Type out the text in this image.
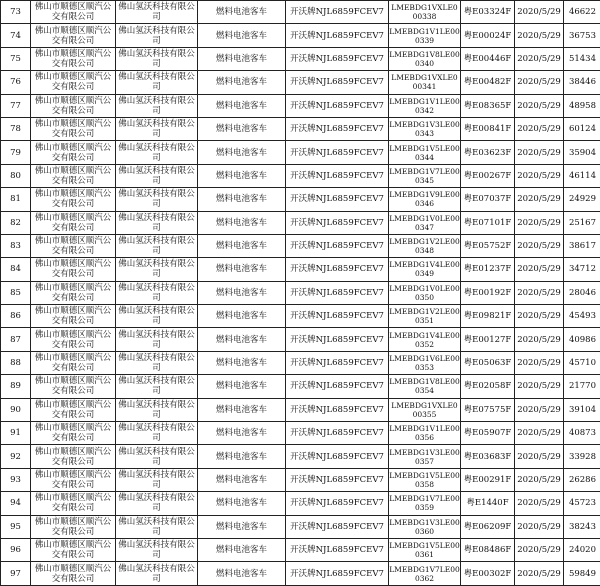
73	佛山市顺德区顺汽公交有限公司	佛山氢沃科技有限公司	燃料电池客车	开沃牌NJL6859FCEV7	LMEBDG1VXLE000338	粤E03324F	2020/5/29	46622
74	佛山市顺德区顺汽公交有限公司	佛山氢沃科技有限公司	燃料电池客车	开沃牌NJL6859FCEV7	LMEBDG1V1LE000339	粤E00024F	2020/5/29	36753
75	佛山市顺德区顺汽公交有限公司	佛山氢沃科技有限公司	燃料电池客车	开沃牌NJL6859FCEV7	LMEBDG1V8LE000340	粤E00446F	2020/5/29	51434
76	佛山市顺德区顺汽公交有限公司	佛山氢沃科技有限公司	燃料电池客车	开沃牌NJL6859FCEV7	LMEBDG1VXLE000341	粤E00482F	2020/5/29	38446
77	佛山市顺德区顺汽公交有限公司	佛山氢沃科技有限公司	燃料电池客车	开沃牌NJL6859FCEV7	LMEBDG1V1LE000342	粤E08365F	2020/5/29	48958
78	佛山市顺德区顺汽公交有限公司	佛山氢沃科技有限公司	燃料电池客车	开沃牌NJL6859FCEV7	LMEBDG1V3LE000343	粤E00841F	2020/5/29	60124
79	佛山市顺德区顺汽公交有限公司	佛山氢沃科技有限公司	燃料电池客车	开沃牌NJL6859FCEV7	LMEBDG1V5LE000344	粤E03623F	2020/5/29	35904
80	佛山市顺德区顺汽公交有限公司	佛山氢沃科技有限公司	燃料电池客车	开沃牌NJL6859FCEV7	LMEBDG1V7LE000345	粤E00267F	2020/5/29	46114
81	佛山市顺德区顺汽公交有限公司	佛山氢沃科技有限公司	燃料电池客车	开沃牌NJL6859FCEV7	LMEBDG1V9LE000346	粤E07037F	2020/5/29	24929
82	佛山市顺德区顺汽公交有限公司	佛山氢沃科技有限公司	燃料电池客车	开沃牌NJL6859FCEV7	LMEBDG1V0LE000347	粤E07101F	2020/5/29	25167
83	佛山市顺德区顺汽公交有限公司	佛山氢沃科技有限公司	燃料电池客车	开沃牌NJL6859FCEV7	LMEBDG1V2LE000348	粤E05752F	2020/5/29	38617
84	佛山市顺德区顺汽公交有限公司	佛山氢沃科技有限公司	燃料电池客车	开沃牌NJL6859FCEV7	LMEBDG1V4LE000349	粤E01237F	2020/5/29	34712
85	佛山市顺德区顺汽公交有限公司	佛山氢沃科技有限公司	燃料电池客车	开沃牌NJL6859FCEV7	LMEBDG1V0LE000350	粤E00192F	2020/5/29	28046
86	佛山市顺德区顺汽公交有限公司	佛山氢沃科技有限公司	燃料电池客车	开沃牌NJL6859FCEV7	LMEBDG1V2LE000351	粤E09821F	2020/5/29	45493
87	佛山市顺德区顺汽公交有限公司	佛山氢沃科技有限公司	燃料电池客车	开沃牌NJL6859FCEV7	LMEBDG1V4LE000352	粤E00127F	2020/5/29	40986
88	佛山市顺德区顺汽公交有限公司	佛山氢沃科技有限公司	燃料电池客车	开沃牌NJL6859FCEV7	LMEBDG1V6LE000353	粤E05063F	2020/5/29	45710
89	佛山市顺德区顺汽公交有限公司	佛山氢沃科技有限公司	燃料电池客车	开沃牌NJL6859FCEV7	LMEBDG1V8LE000354	粤E02058F	2020/5/29	21770
90	佛山市顺德区顺汽公交有限公司	佛山氢沃科技有限公司	燃料电池客车	开沃牌NJL6859FCEV7	LMEBDG1VXLE000355	粤E07575F	2020/5/29	39104
91	佛山市顺德区顺汽公交有限公司	佛山氢沃科技有限公司	燃料电池客车	开沃牌NJL6859FCEV7	LMEBDG1V1LE000356	粤E05907F	2020/5/29	40873
92	佛山市顺德区顺汽公交有限公司	佛山氢沃科技有限公司	燃料电池客车	开沃牌NJL6859FCEV7	LMEBDG1V3LE000357	粤E03683F	2020/5/29	33928
93	佛山市顺德区顺汽公交有限公司	佛山氢沃科技有限公司	燃料电池客车	开沃牌NJL6859FCEV7	LMEBDG1V5LE000358	粤E00291F	2020/5/29	26286
94	佛山市顺德区顺汽公交有限公司	佛山氢沃科技有限公司	燃料电池客车	开沃牌NJL6859FCEV7	LMEBDG1V7LE000359	粤E1440F	2020/5/29	45723
95	佛山市顺德区顺汽公交有限公司	佛山氢沃科技有限公司	燃料电池客车	开沃牌NJL6859FCEV7	LMEBDG1V3LE000360	粤E06209F	2020/5/29	38243
96	佛山市顺德区顺汽公交有限公司	佛山氢沃科技有限公司	燃料电池客车	开沃牌NJL6859FCEV7	LMEBDG1V5LE000361	粤E08486F	2020/5/29	24020
97	佛山市顺德区顺汽公交有限公司	佛山氢沃科技有限公司	燃料电池客车	开沃牌NJL6859FCEV7	LMEBDG1V7LE000362	粤E00302F	2020/5/29	59849
